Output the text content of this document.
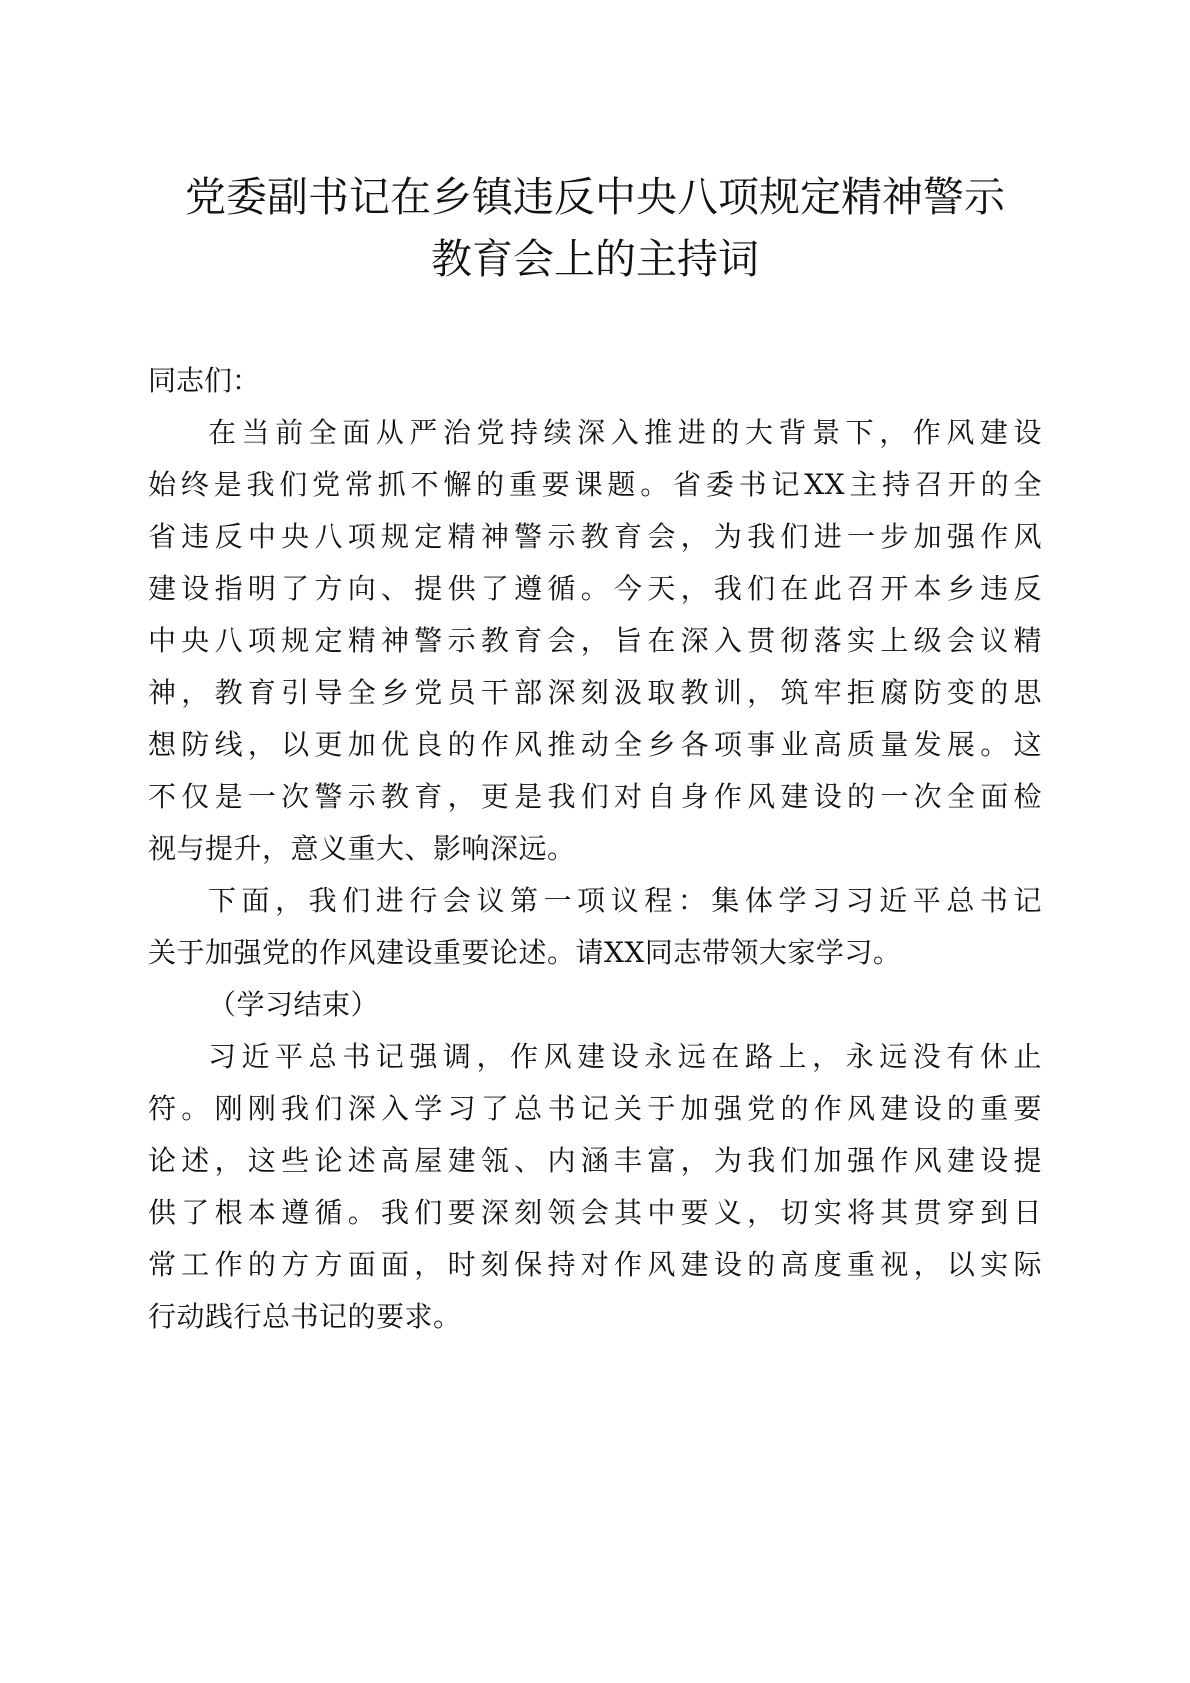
党委副书记在乡镇违反中央八项规定精神警示
教育会上的主持词

同志们：

在当前全面从严治党持续深入推进的大背景下，作风建设
始终是我们党常抓不懈的重要课题。省委书记XX主持召开的全
省违反中央八项规定精神警示教育会，为我们进一步加强作风
建设指明了方向、提供了遵循。今天，我们在此召开本乡违反
中央八项规定精神警示教育会，旨在深入贯彻落实上级会议精
神，教育引导全乡党员干部深刻汲取教训，筑牢拒腐防变的思
想防线，以更加优良的作风推动全乡各项事业高质量发展。这
不仅是一次警示教育，更是我们对自身作风建设的一次全面检
视与提升，意义重大、影响深远。

下面，我们进行会议第一项议程：集体学习习近平总书记
关于加强党的作风建设重要论述。请XX同志带领大家学习。

（学习结束）

习近平总书记强调，作风建设永远在路上，永远没有休止
符。刚刚我们深入学习了总书记关于加强党的作风建设的重要
论述，这些论述高屋建瓴、内涵丰富，为我们加强作风建设提
供了根本遵循。我们要深刻领会其中要义，切实将其贯穿到日
常工作的方方面面，时刻保持对作风建设的高度重视，以实际
行动践行总书记的要求。
